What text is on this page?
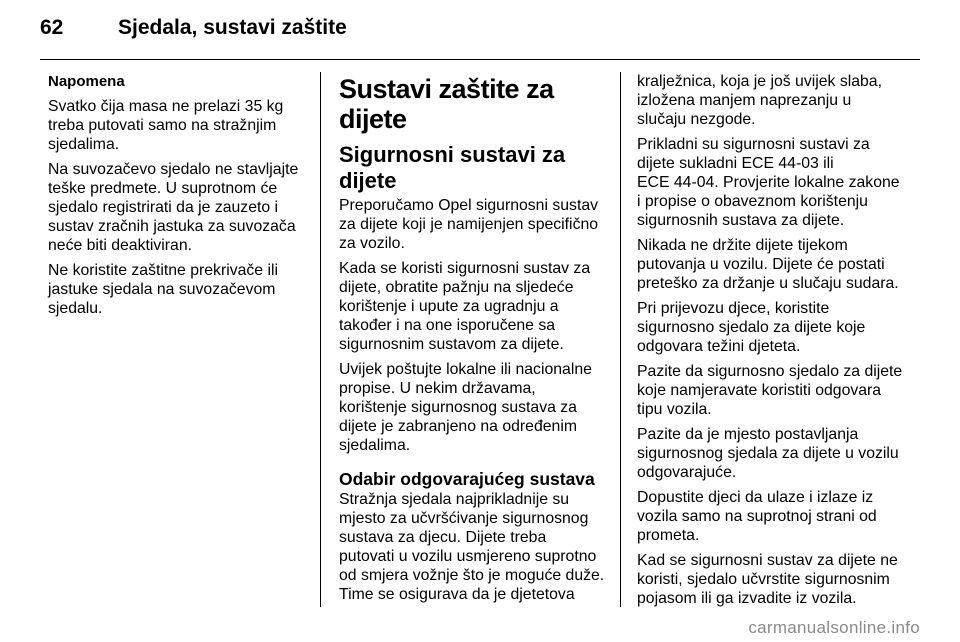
62	Sjedala, sustavi zaštite

Napomena

Svatko čija masa ne prelazi 35 kg
treba putovati samo na stražnjim
sjedalima.

Na suvozačevo sjedalo ne stavljajte
teške predmete. U suprotnom će
sjedalo registrirati da je zauzeto i
sustav zračnih jastuka za suvozača
neće biti deaktiviran.

Ne koristite zaštitne prekrivače ili
jastuke sjedala na suvozačevom
sjedalu.

Sustavi zaštite za dijete
Sigurnosni sustavi za
dijete

Preporučamo Opel sigurnosni sustav
za dijete koji je namijenjen specifično
za vozilo.

Kada se koristi sigurnosni sustav za
dijete, obratite pažnju na sljedeće
korištenje i upute za ugradnju a
također i na one isporučene sa
sigurnosnim sustavom za dijete.

Uvijek poštujte lokalne ili nacionalne
propise. U nekim državama,
korištenje sigurnosnog sustava za
dijete je zabranjeno na određenim
sjedalima.

Odabir odgovarajućeg sustava

Stražnja sjedala najprikladnije su
mjesto za učvršćivanje sigurnosnog
sustava za djecu. Dijete treba
putovati u vozilu usmjereno suprotno
od smjera vožnje što je moguće duže.
Time se osigurava da je djetetova

kralježnica, koja je još uvijek slaba,
izložena manjem naprezanju u
slučaju nezgode.

Prikladni su sigurnosni sustavi za
dijete sukladni ECE 44-03 ili
ECE 44-04. Provjerite lokalne zakone
i propise o obaveznom korištenju
sigurnosnih sustava za dijete.

Nikada ne držite dijete tijekom
putovanja u vozilu. Dijete će postati
preteško za držanje u slučaju sudara.

Pri prijevozu djece, koristite
sigurnosno sjedalo za dijete koje
odgovara težini djeteta.

Pazite da sigurnosno sjedalo za dijete
koje namjeravate koristiti odgovara
tipu vozila.

Pazite da je mjesto postavljanja
sigurnosnog sjedala za dijete u vozilu
odgovarajuće.

Dopustite djeci da ulaze i izlaze iz
vozila samo na suprotnoj strani od
prometa.

Kad se sigurnosni sustav za dijete ne
koristi, sjedalo učvrstite sigurnosnim
pojasom ili ga izvadite iz vozila.

carmanualsonline.info
